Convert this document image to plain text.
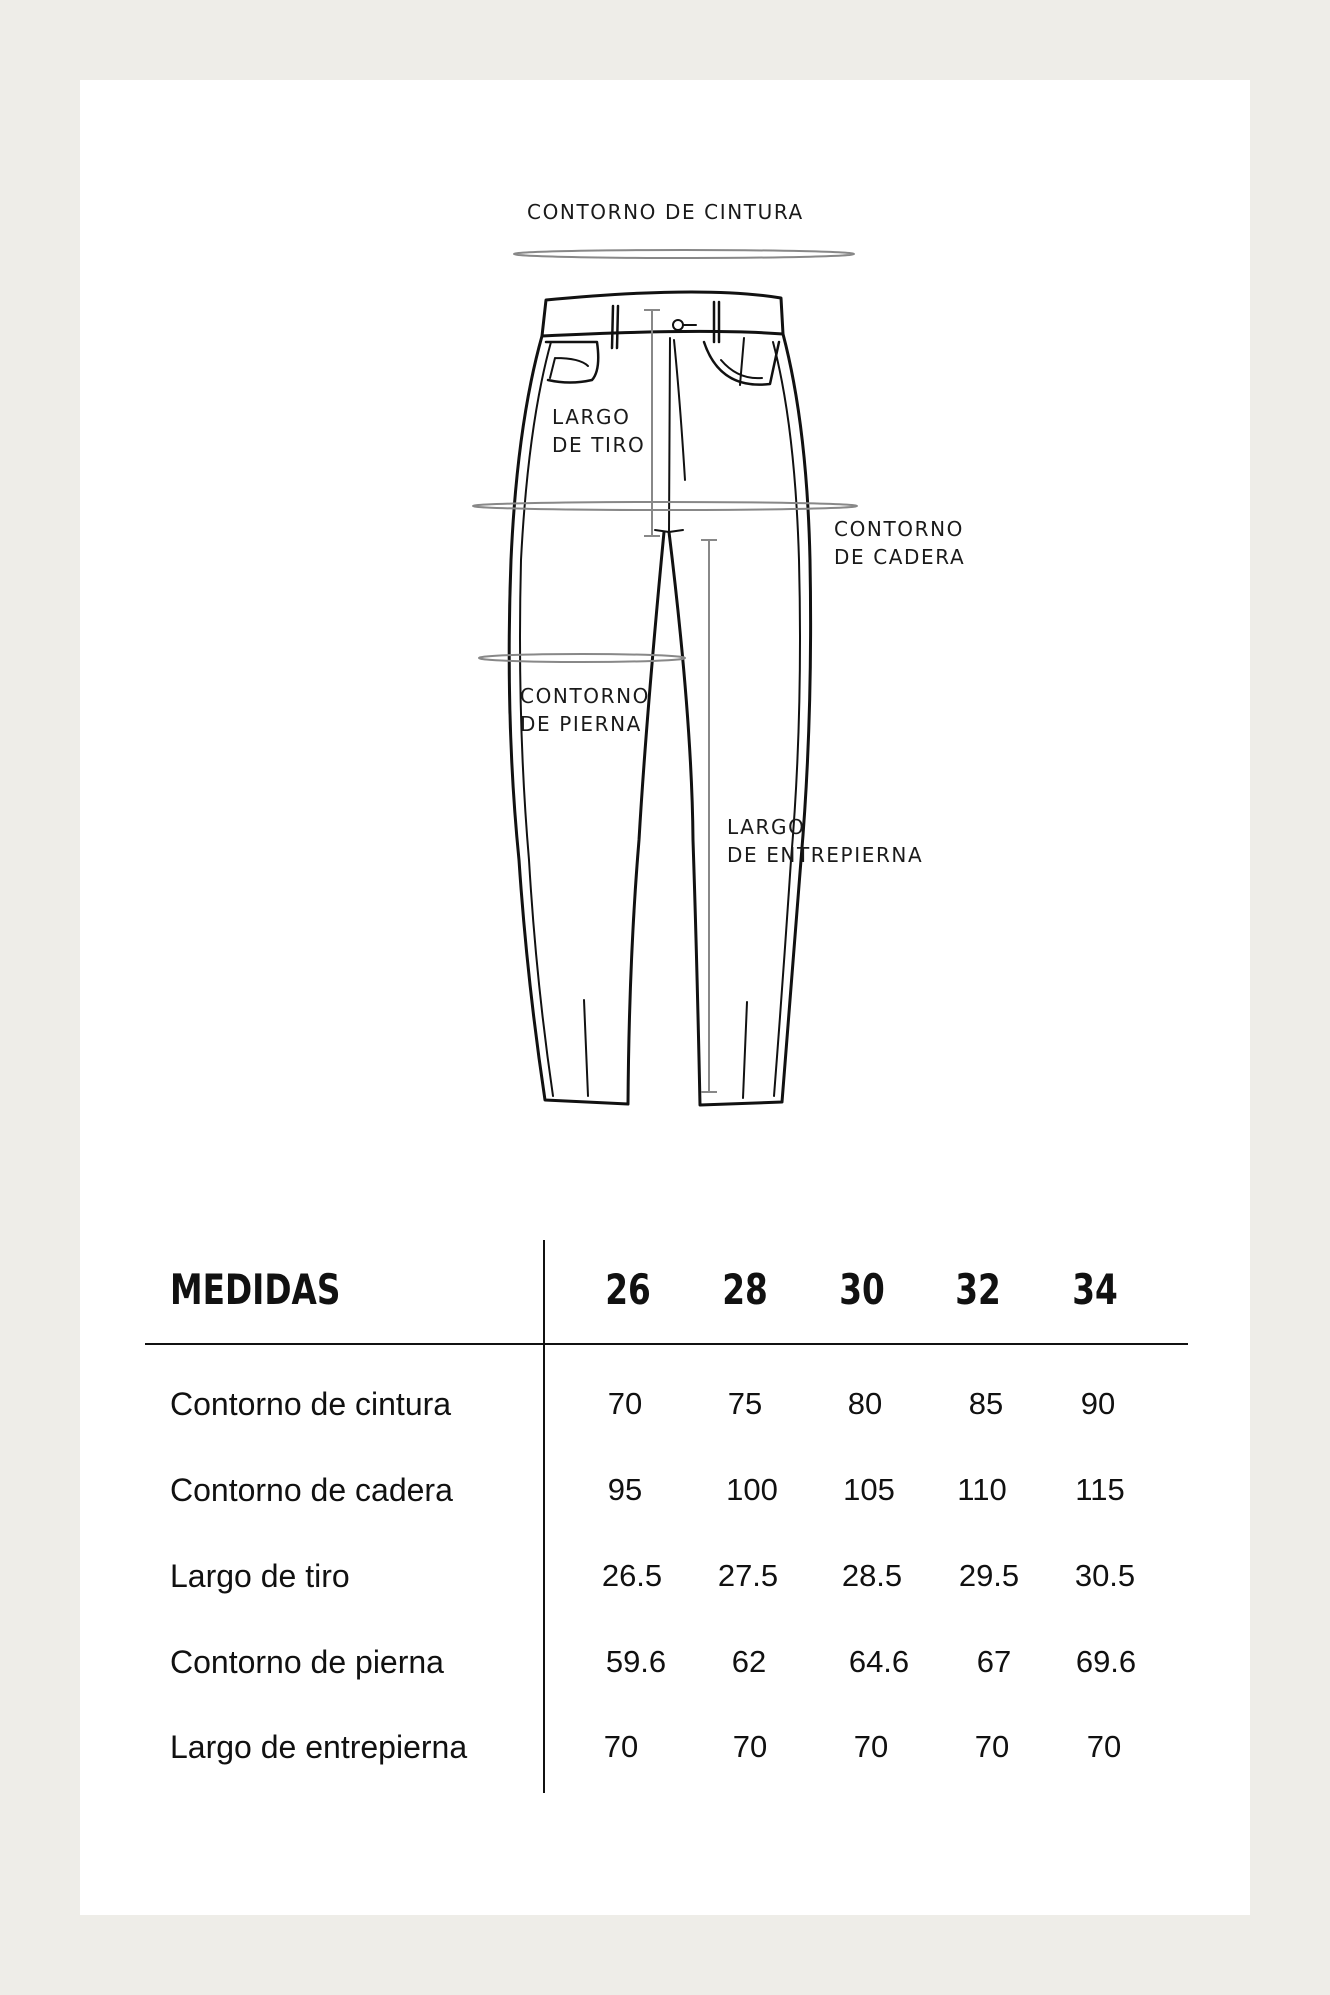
CONTORNO DE CINTURA
LARGO
DE TIRO
CONTORNO
DE CADERA
CONTORNO
DE PIERNA
LARGO
DE ENTREPIERNA
MEDIDAS	26 28 30 32 34
Contorno de cintura	70	75	80	85	90
Contorno de cadera	95	100	105	110	115
Largo de tiro	26.5	27.5	28.5	29.5	30.5
Contorno de pierna	59.6	62	64.6	67	69.6
Largo de entrepierna	70	70	70	70	70
